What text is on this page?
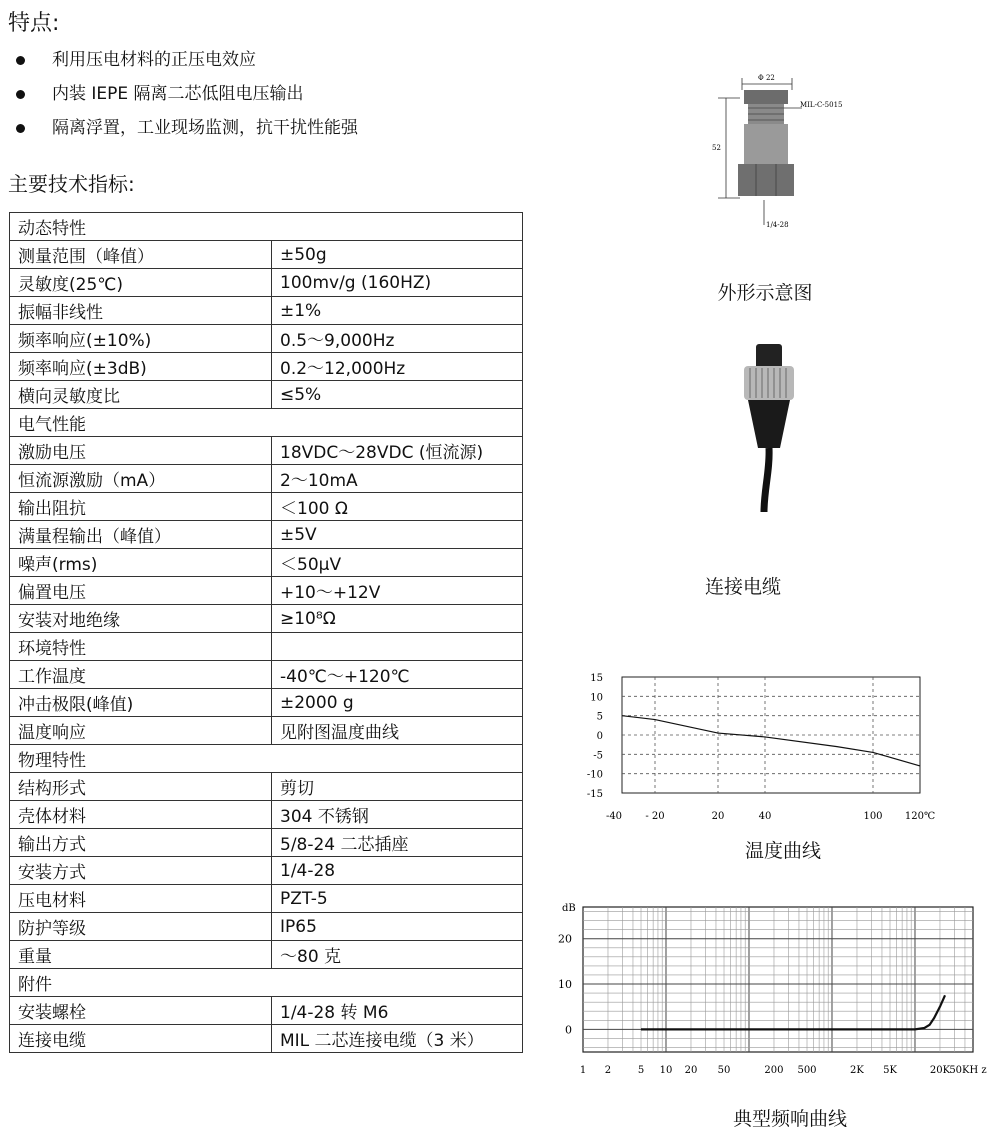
特点:
利用压电材料的正压电效应
内装 IEPE 隔离二芯低阻电压输出
隔离浮置，工业现场监测，抗干扰性能强
主要技术指标:
动态特性	
测量范围（峰值）	±50g
灵敏度(25℃)	100mv/g (160HZ)
振幅非线性	±1%
频率响应(±10%)	0.5～9,000Hz
频率响应(±3dB)	0.2～12,000Hz
横向灵敏度比	≤5%
电气性能	
激励电压	18VDC～28VDC (恒流源)
恒流源激励（mA）	2～10mA
输出阻抗	＜100 Ω
满量程输出（峰值）	±5V
噪声(rms)	＜50μV
偏置电压	+10～+12V
安装对地绝缘	≥10⁸Ω
环境特性	
工作温度	-40℃～+120℃
冲击极限(峰值)	±2000 g
温度响应	见附图温度曲线
物理特性	
结构形式	剪切
壳体材料	304 不锈钢
输出方式	5/8-24 二芯插座
安装方式	1/4-28
压电材料	PZT-5
防护等级	IP65
重量	～80 克
附件	
安装螺栓	1/4-28 转 M6
连接电缆	MIL 二芯连接电缆（3 米）
Φ 22
52
MIL-C-5015
1/4-28
外形示意图
连接电缆
15
10
5
0
-5
-10
-15
-40 - 20	20	40	100 120℃
温度曲线
dB
20
10
0
1 2	5 10 20 50	200 500	2K 5K	20K 50KH z
典型频响曲线
